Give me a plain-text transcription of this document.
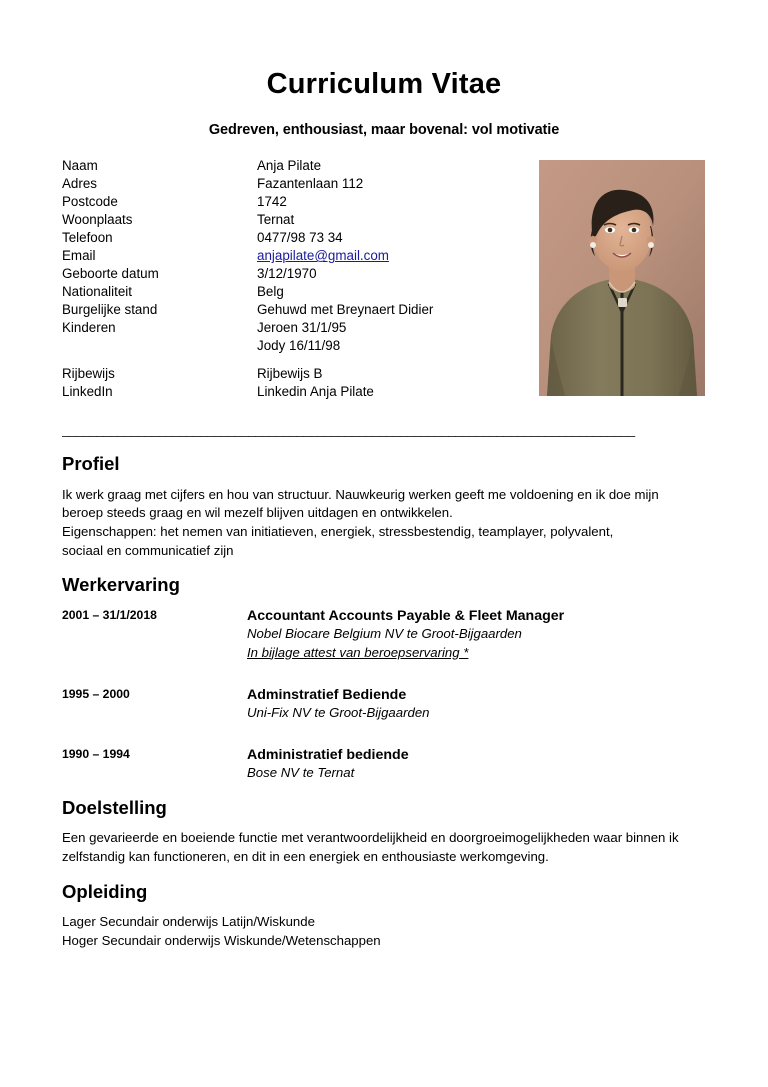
Curriculum Vitae

Gedreven, enthousiast, maar bovenal: vol motivatie

Naam	Anja Pilate
Adres	Fazantenlaan 112
Postcode	1742
Woonplaats	Ternat
Telefoon	0477/98 73 34
Email	anjapilate@gmail.com
Geboorte datum	3/12/1970
Nationaliteit	Belg
Burgelijke stand	Gehuwd met Breynaert Didier
Kinderen	Jeroen 31/1/95
	Jody 16/11/98

Rijbewijs	Rijbewijs B
LinkedIn	Linkedin Anja Pilate
___________________________________________________________________________________
Profiel
Ik werk graag met cijfers en hou van structuur. Nauwkeurig werken geeft me voldoening en ik doe mijn
beroep steeds graag en wil mezelf blijven uitdagen en ontwikkelen.
Eigenschappen: het nemen van initiatieven, energiek, stressbestendig, teamplayer, polyvalent,
sociaal en communicatief zijn
Werkervaring
2001 – 31/1/2018	Accountant Accounts Payable & Fleet Manager
Nobel Biocare Belgium NV te Groot-Bijgaarden
In bijlage attest van beroepservaring *

1995 – 2000	Adminstratief Bediende
Uni-Fix NV te Groot-Bijgaarden

1990 – 1994	Administratief bediende
Bose NV te Ternat
Doelstelling
Een gevarieerde en boeiende functie met verantwoordelijkheid en doorgroeimogelijkheden waar binnen ik
zelfstandig kan functioneren, en dit in een energiek en enthousiaste werkomgeving.
Opleiding
Lager Secundair onderwijs Latijn/Wiskunde
Hoger Secundair onderwijs Wiskunde/Wetenschappen
